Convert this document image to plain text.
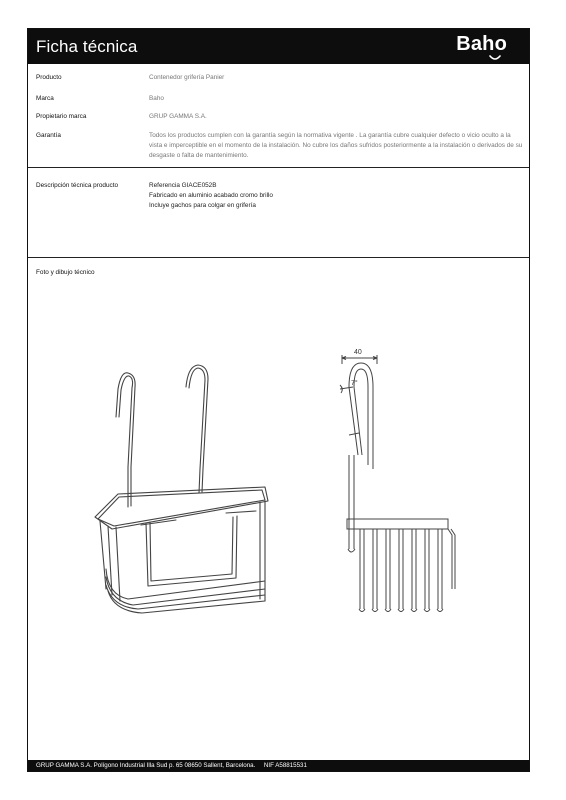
Ficha técnica	Baho
Producto	Contenedor grifería Panier
Marca	Baho
Propietario marca	GRUP GAMMA S.A.
Garantía	Todos los productos cumplen con la garantía según la normativa vigente . La garantía cubre cualquier defecto o vicio oculto a la vista e imperceptible en el momento de la instalación. No cubre los daños sufridos posteriormente a la instalación o derivados de su desgaste o falta de mantenimiento.
Descripción técnica producto	Referencia GIACE052B
Fabricado en aluminio acabado cromo brillo
Incluye gachos para colgar en grifería
Foto y dibujo técnico
40
7°
GRUP GAMMA S.A. Polígono Industrial Illa Sud p. 65 08650 Sallent, Barcelona.     NIF A58815531
